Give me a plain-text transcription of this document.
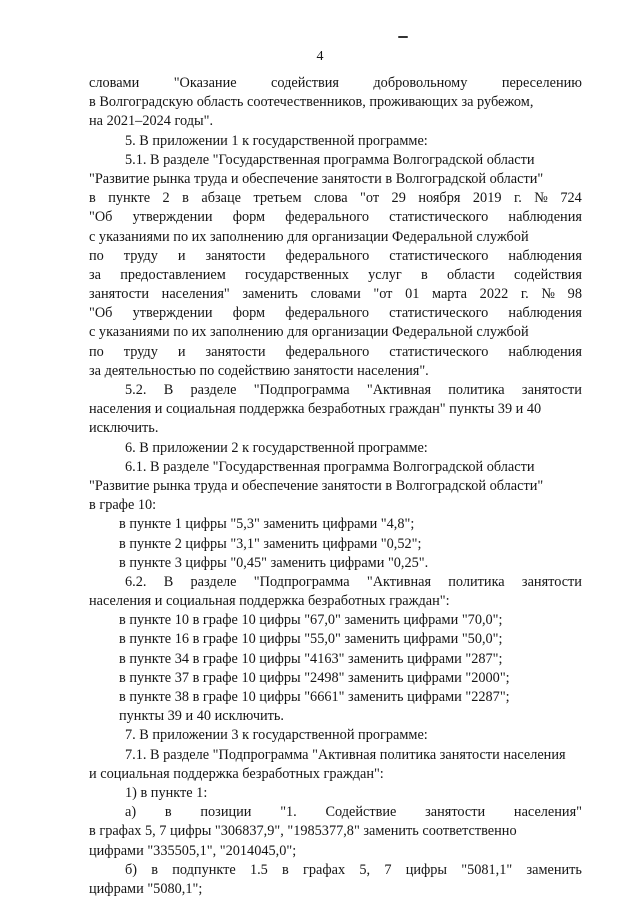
4
словами "Оказание содействия добровольному переселению
в Волгоградскую область соотечественников, проживающих за рубежом,
на 2021–2024 годы".
5. В приложении 1 к государственной программе:
5.1. В разделе "Государственная программа Волгоградской области
"Развитие рынка труда и обеспечение занятости в Волгоградской области"
в пункте 2 в абзаце третьем слова "от 29 ноября 2019 г. № 724
"Об утверждении форм федерального статистического наблюдения
с указаниями по их заполнению для организации Федеральной службой
по труду и занятости федерального статистического наблюдения
за предоставлением государственных услуг в области содействия
занятости населения" заменить словами "от 01 марта 2022 г. № 98
"Об утверждении форм федерального статистического наблюдения
с указаниями по их заполнению для организации Федеральной службой
по труду и занятости федерального статистического наблюдения
за деятельностью по содействию занятости населения".
5.2. В разделе "Подпрограмма "Активная политика занятости
населения и социальная поддержка безработных граждан" пункты 39 и 40
исключить.
6. В приложении 2 к государственной программе:
6.1. В разделе "Государственная программа Волгоградской области
"Развитие рынка труда и обеспечение занятости в Волгоградской области"
в графе 10:
в пункте 1 цифры "5,3" заменить цифрами "4,8";
в пункте 2 цифры "3,1" заменить цифрами "0,52";
в пункте 3 цифры "0,45" заменить цифрами "0,25".
6.2. В разделе "Подпрограмма "Активная политика занятости
населения и социальная поддержка безработных граждан":
в пункте 10 в графе 10 цифры "67,0" заменить цифрами "70,0";
в пункте 16 в графе 10 цифры "55,0" заменить цифрами "50,0";
в пункте 34 в графе 10 цифры "4163" заменить цифрами "287";
в пункте 37 в графе 10 цифры "2498" заменить цифрами "2000";
в пункте 38 в графе 10 цифры "6661" заменить цифрами "2287";
пункты 39 и 40 исключить.
7. В приложении 3 к государственной программе:
7.1. В разделе "Подпрограмма "Активная политика занятости населения
и социальная поддержка безработных граждан":
1) в пункте 1:
а) в позиции "1. Содействие занятости населения"
в графах 5, 7 цифры "306837,9", "1985377,8" заменить соответственно
цифрами "335505,1", "2014045,0";
б) в подпункте 1.5 в графах 5, 7 цифры "5081,1" заменить
цифрами "5080,1";
